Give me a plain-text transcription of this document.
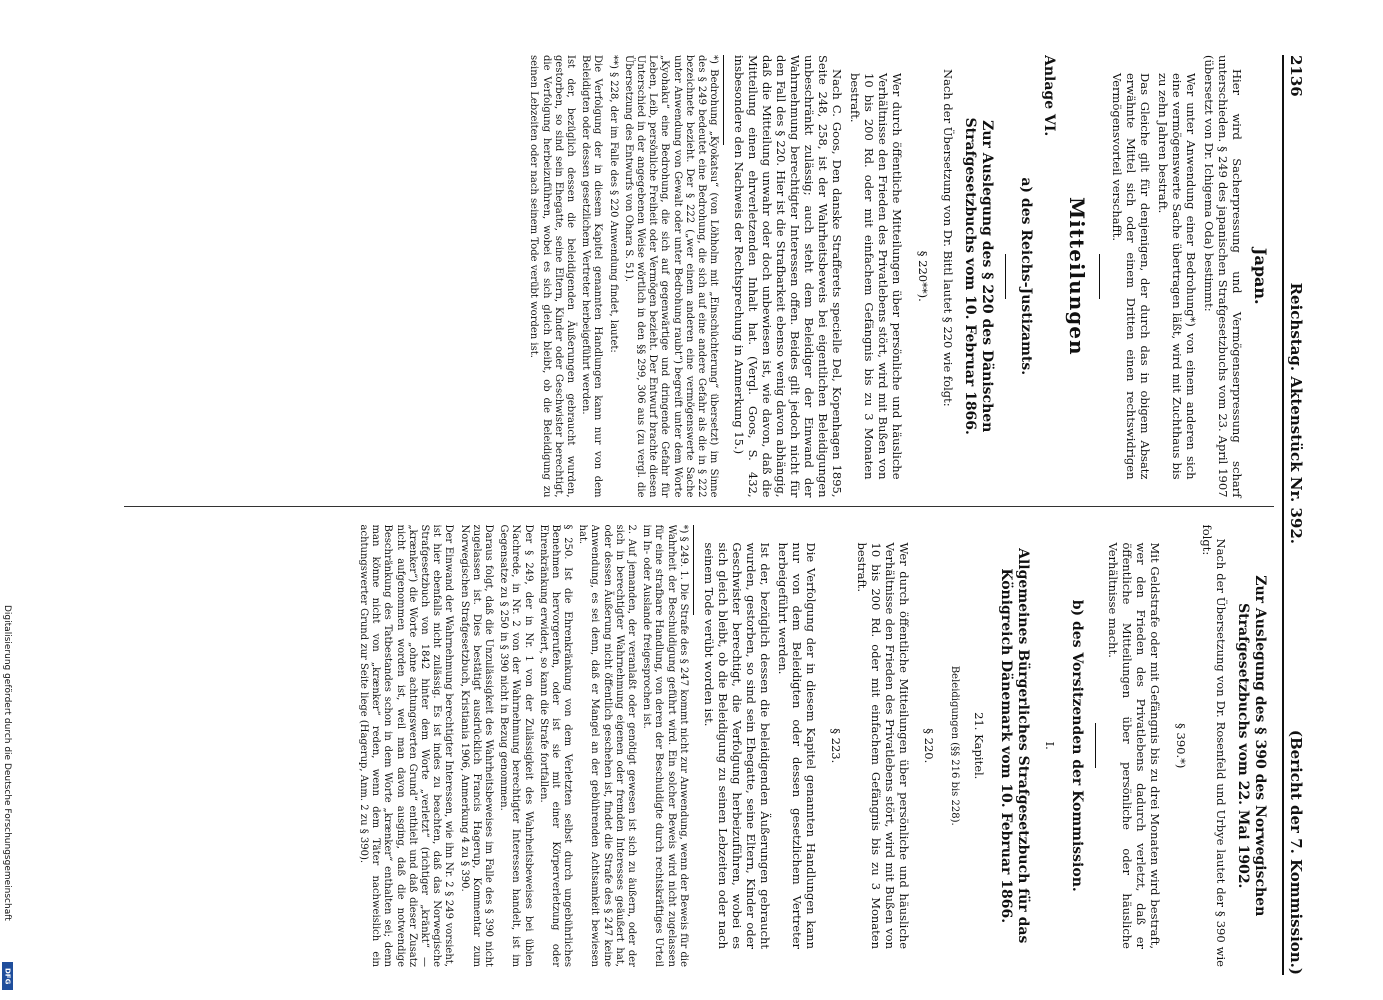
2136
Reichstag. Aktenstück Nr. 392.
(Bericht der 7. Kommission.)
Japan.

Hier wird Sacherpressung und Vermögenserpressung scharf unterschieden. § 249 des japanischen Strafgesetzbuchs vom 23. April 1907 (übersetzt von Dr. Ichigema Oda) bestimmt:

Wer unter Anwendung einer Bedrohung*) von einem anderen sich eine vermögenswerte Sache übertragen läßt, wird mit Zuchthaus bis zu zehn Jahren bestraft.

Das Gleiche gilt für denjenigen, der durch das in obigem Absatz erwähnte Mittel sich oder einem Dritten einen rechtswidrigen Vermögensvorteil verschafft.

Mitteilungen
Anlage VI.
a) des Reichs-Justizamts.
Zur Auslegung des § 220 des Dänischen Strafgesetzbuchs vom 10. Februar 1866.

Nach der Übersetzung von Dr. Bittl lautet § 220 wie folgt:

§ 220**).

Wer durch öffentliche Mitteilungen über persönliche und häusliche Verhältnisse den Frieden des Privatlebens stört, wird mit Bußen von 10 bis 200 Rd. oder mit einfachem Gefängnis bis zu 3 Monaten bestraft.

Nach C. Goos, Den danske Strafferets specielle Del, Kopenhagen 1895, Seite 248, 258, ist der Wahrheitsbeweis bei eigentlichen Beleidigungen unbeschränkt zulässig; auch steht dem Beleidiger der Einwand der Wahrnehmung berechtigter Interessen offen. Beides gilt jedoch nicht für den Fall des § 220. Hier ist die Strafbarkeit ebenso wenig davon abhängig, daß die Mitteilung unwahr oder doch unbewiesen ist, wie davon, daß die Mitteilung einen ehrverletzenden Inhalt hat. (Vergl. Goos, S. 432, insbesondere den Nachweis der Rechtsprechung in Anmerkung 15.)

*) Bedrohung „Kyokatsu“ (von Löhholm mit „Einschüchterung“ übersetzt) im Sinne des § 249 bedeutet eine Bedrohung, die sich auf eine andere Gefahr als die in § 222 bezeichnete bezieht. Der § 222 („wer einem anderen eine vermögenswerte Sache unter Anwendung von Gewalt oder unter Bedrohung raubt“) begreift unter dem Worte „Kyohaku“ eine Bedrohung, die sich auf gegenwärtige und dringende Gefahr für Leben, Leib, persönliche Freiheit oder Vermögen bezieht. Der Entwurf brachte diesen Unterschied in der angegebenen Weise wörtlich in den §§ 299, 306 aus (zu vergl. die Übersetzung des Entwurfs von Ohara S. 51).

**) § 228, der im Falle des § 220 Anwendung findet, lautet:

Die Verfolgung der in diesem Kapitel genannten Handlungen kann nur von dem Beleidigten oder dessen gesetzlichem Vertreter herbeigeführt werden.

Ist der, bezüglich dessen die beleidigenden Äußerungen gebraucht wurden, gestorben, so sind sein Ehegatte, seine Eltern, Kinder oder Geschwister berechtigt, die Verfolgung herbeizuführen, wobei es sich gleich bleibt, ob die Beleidigung zu seinen Lebzeiten oder nach seinem Tode verübt worden ist.

Zur Auslegung des § 390 des Norwegischen Strafgesetzbuchs vom 22. Mai 1902.

Nach der Übersetzung von Dr. Rosenfeld und Urbye lautet der § 390 wie folgt:

§ 390.*)

Mit Geldstrafe oder mit Gefängnis bis zu drei Monaten wird bestraft, wer den Frieden des Privatlebens dadurch verletzt, daß er öffentliche Mitteilungen über persönliche oder häusliche Verhältnisse macht.

b) des Vorsitzenden der Kommission.

I.

Allgemeines Bürgerliches Strafgesetzbuch für das Königreich Dänemark vom 10. Februar 1866.

21. Kapitel.

Beleidigungen (§§ 216 bis 228).

§ 220.

Wer durch öffentliche Mitteilungen über persönliche und häusliche Verhältnisse den Frieden des Privatlebens stört, wird mit Bußen von 10 bis 200 Rd. oder mit einfachem Gefängnis bis zu 3 Monaten bestraft.

§ 223.

Die Verfolgung der in diesem Kapitel genannten Handlungen kann nur von dem Beleidigten oder dessen gesetzlichem Vertreter herbeigeführt werden.

Ist der, bezüglich dessen die beleidigenden Äußerungen gebraucht wurden, gestorben, so sind sein Ehegatte, seine Eltern, Kinder oder Geschwister berechtigt, die Verfolgung herbeizuführen, wobei es sich gleich bleibt, ob die Beleidigung zu seinen Lebzeiten oder nach seinem Tode verübt worden ist.

*) § 249. 1. Die Strafe des § 247 kommt nicht zur Anwendung, wenn der Beweis für die Wahrheit der Beschuldigung geführt wird. Ein solcher Beweis wird nicht zugelassen für eine strafbare Handlung, von deren der Beschuldigte durch rechtskräftiges Urteil im In- oder Auslande freigesprochen ist.

2. Auf jemanden, der veranlaßt oder genötigt gewesen ist sich zu äußern, oder der sich in berechtigter Wahrnehmung eigenen oder fremden Interesses geäußert hat, oder dessen Äußerung nicht öffentlich geschehen ist, findet die Strafe des § 247 keine Anwendung, es sei denn, daß er Mangel an der gebührenden Achtsamkeit bewiesen hat.

§ 250. Ist die Ehrenkränkung von dem Verletzten selbst durch ungebührliches Benehmen hervorgerufen, oder ist sie mit einer Körperverletzung oder Ehrenkränkung erwidert, so kann die Strafe fortfallen.

Der § 249, der in Nr. 1 von der Zulässigkeit des Wahrheitsbeweises bei üblen Nachrede, in Nr. 2 von der Wahrnehmung berechtigter Interessen handelt, ist im Gegensatze zu § 250 in § 390 nicht in Bezug genommen.

Daraus folgt, daß die Unzulässigkeit des Wahrheitsbeweises im Falle des § 390 nicht zugelassen ist. Dies bestätigt ausdrücklich Francis Hagerup, Kommentar zum Norwegischen Strafgesetzbuch, Kristiania 1906, Anmerkung 4 zu § 390.

Der Einwand der Wahrnehmung berechtigter Interessen, wie ihn Nr. 2 § 249 vorsieht, ist hier ebenfalls nicht zulässig. Es ist indes zu beachten, daß das Norwegische Strafgesetzbuch von 1842 hinter dem Worte „verletzt“ (richtiger „kränkt“ — „krænker“) die Worte „ohne achtungswerten Grund“ enthielt und daß dieser Zusatz nicht aufgenommen worden ist, weil man davon ausging, daß die notwendige Beschränkung des Tatbestandes schon in dem Worte „krænker“ enthalten sei; denn man könne nicht von „krænker“ reden, wenn dem Täter nachweislich ein achtungswerter Grund zur Seite liege (Hagerup, Anm. 2 zu § 390).

Digitalisierung gefördert durch die Deutsche Forschungsgemeinschaft
DFG
